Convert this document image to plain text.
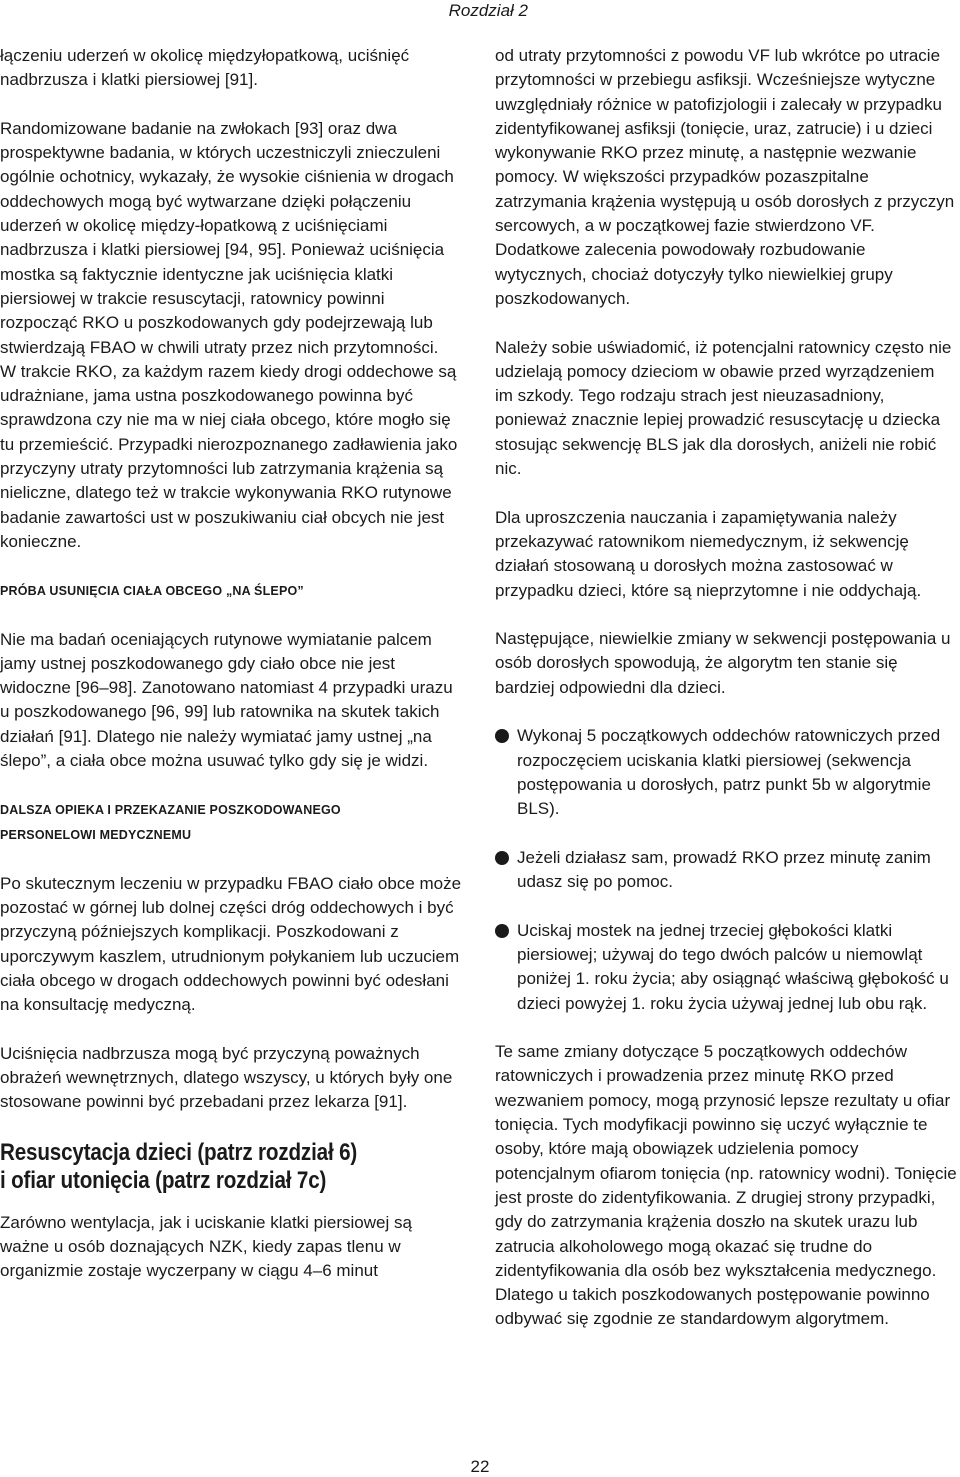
Rozdział 2

łączeniu uderzeń w okolicę międzyłopatkową, uciśnięć nadbrzusza i klatki piersiowej [91].

Randomizowane badanie na zwłokach [93] oraz dwa prospektywne badania, w których uczestniczyli znieczuleni ogólnie ochotnicy, wykazały, że wysokie ciśnienia w drogach oddechowych mogą być wytwarzane dzięki połączeniu uderzeń w okolicę między-łopatkową z uciśnięciami nadbrzusza i klatki piersiowej [94, 95]. Ponieważ uciśnięcia mostka są faktycznie identyczne jak uciśnięcia klatki piersiowej w trakcie resuscytacji, ratownicy powinni rozpocząć RKO u poszkodowanych gdy podejrzewają lub stwierdzają FBAO w chwili utraty przez nich przytomności.

W trakcie RKO, za każdym razem kiedy drogi oddechowe są udrażniane, jama ustna poszkodowanego powinna być sprawdzona czy nie ma w niej ciała obcego, które mogło się tu przemieścić. Przypadki nierozpoznanego zadławienia jako przyczyny utraty przytomności lub zatrzymania krążenia są nieliczne, dlatego też w trakcie wykonywania RKO rutynowe badanie zawartości ust w poszukiwaniu ciał obcych nie jest konieczne.

PRÓBA USUNIĘCIA CIAŁA OBCEGO „NA ŚLEPO”

Nie ma badań oceniających rutynowe wymiatanie palcem jamy ustnej poszkodowanego gdy ciało obce nie jest widoczne [96–98]. Zanotowano natomiast 4 przypadki urazu u poszkodowanego [96, 99] lub ratownika na skutek takich działań [91]. Dlatego nie należy wymiatać jamy ustnej „na ślepo”, a ciała obce można usuwać tylko gdy się je widzi.

DALSZA OPIEKA I PRZEKAZANIE POSZKODOWANEGO
PERSONELOWI MEDYCZNEMU

Po skutecznym leczeniu w przypadku FBAO ciało obce może pozostać w górnej lub dolnej części dróg oddechowych i być przyczyną późniejszych komplikacji. Poszkodowani z uporczywym kaszlem, utrudnionym połykaniem lub uczuciem ciała obcego w drogach oddechowych powinni być odesłani na konsultację medyczną.

Uciśnięcia nadbrzusza mogą być przyczyną poważnych obrażeń wewnętrznych, dlatego wszyscy, u których były one stosowane powinni być przebadani przez lekarza [91].

Resuscytacja dzieci (patrz rozdział 6)
i ofiar utonięcia (patrz rozdział 7c)

Zarówno wentylacja, jak i uciskanie klatki piersiowej są ważne u osób doznających NZK, kiedy zapas tlenu w organizmie zostaje wyczerpany w ciągu 4–6 minut

od utraty przytomności z powodu VF lub wkrótce po utracie przytomności w przebiegu asfiksji. Wcześniejsze wytyczne uwzględniały różnice w patofizjologii i zalecały w przypadku zidentyfikowanej asfiksji (tonięcie, uraz, zatrucie) i u dzieci wykonywanie RKO przez minutę, a następnie wezwanie pomocy. W większości przypadków pozaszpitalne zatrzymania krążenia występują u osób dorosłych z przyczyn sercowych, a w początkowej fazie stwierdzono VF. Dodatkowe zalecenia powodowały rozbudowanie wytycznych, chociaż dotyczyły tylko niewielkiej grupy poszkodowanych.

Należy sobie uświadomić, iż potencjalni ratownicy często nie udzielają pomocy dzieciom w obawie przed wyrządzeniem im szkody. Tego rodzaju strach jest nieuzasadniony, ponieważ znacznie lepiej prowadzić resuscytację u dziecka stosując sekwencję BLS jak dla dorosłych, aniżeli nie robić nic.

Dla uproszczenia nauczania i zapamiętywania należy przekazywać ratownikom niemedycznym, iż sekwencję działań stosowaną u dorosłych można zastosować w przypadku dzieci, które są nieprzytomne i nie oddychają.

Następujące, niewielkie zmiany w sekwencji postępowania u osób dorosłych spowodują, że algorytm ten stanie się bardziej odpowiedni dla dzieci.

Wykonaj 5 początkowych oddechów ratowniczych przed rozpoczęciem uciskania klatki piersiowej (sekwencja postępowania u dorosłych, patrz punkt 5b w algorytmie BLS).
Jeżeli działasz sam, prowadź RKO przez minutę zanim udasz się po pomoc.
Uciskaj mostek na jednej trzeciej głębokości klatki piersiowej; używaj do tego dwóch palców u niemowląt poniżej 1. roku życia; aby osiągnąć właściwą głębokość u dzieci powyżej 1. roku życia używaj jednej lub obu rąk.

Te same zmiany dotyczące 5 początkowych oddechów ratowniczych i prowadzenia przez minutę RKO przed wezwaniem pomocy, mogą przynosić lepsze rezultaty u ofiar tonięcia. Tych modyfikacji powinno się uczyć wyłącznie te osoby, które mają obowiązek udzielenia pomocy potencjalnym ofiarom tonięcia (np. ratownicy wodni). Tonięcie jest proste do zidentyfikowania. Z drugiej strony przypadki, gdy do zatrzymania krążenia doszło na skutek urazu lub zatrucia alkoholowego mogą okazać się trudne do zidentyfikowania dla osób bez wykształcenia medycznego. Dlatego u takich poszkodowanych postępowanie powinno odbywać się zgodnie ze standardowym algorytmem.

22
